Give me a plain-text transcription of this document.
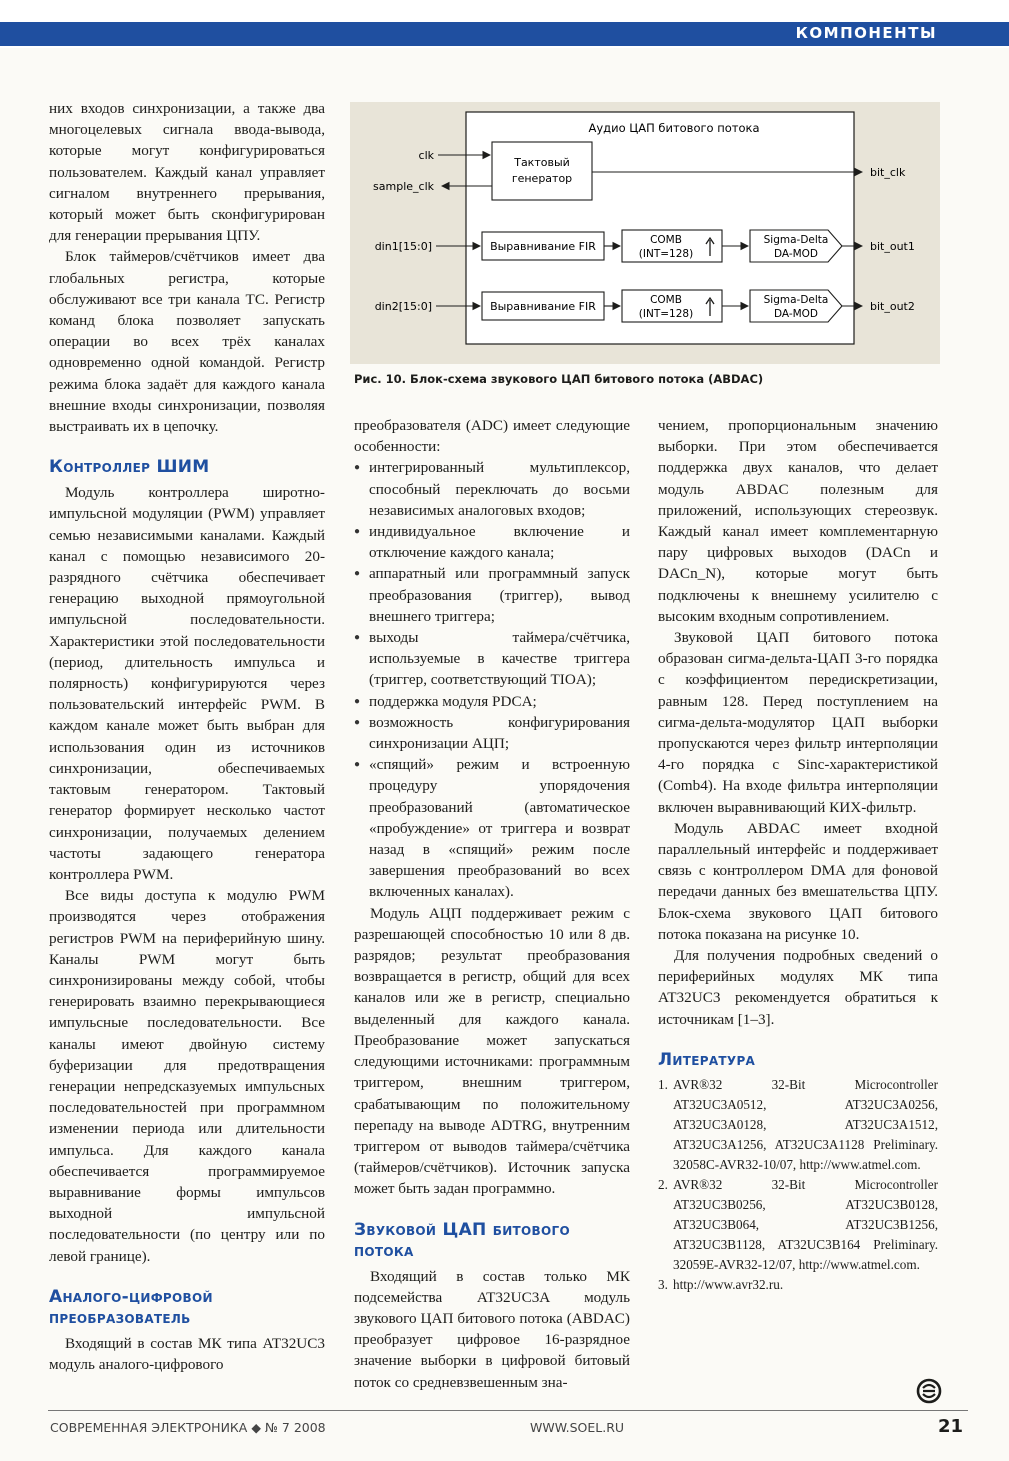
КОМПОНЕНТЫ

них входов синхронизации, а также два многоцелевых сигнала ввода-вывода, которые могут конфигурироваться пользователем. Каждый канал управляет сигналом внутреннего прерывания, который может быть сконфигурирован для генерации прерывания ЦПУ.

Блок таймеров/счётчиков имеет два глобальных регистра, которые обслуживают все три канала TC. Регистр команд блока позволяет запускать операции во всех трёх каналах одновременно одной командой. Регистр режима блока задаёт для каждого канала внешние входы синхронизации, позволяя выстраивать их в цепочку.

Контроллер ШИМ

Модуль контроллера широтно-импульсной модуляции (PWM) управляет семью независимыми каналами. Каждый канал с помощью независимого 20-разрядного счётчика обеспечивает генерацию выходной прямоугольной импульсной последовательности. Характеристики этой последовательности (период, длительность импульса и полярность) конфигурируются через пользовательский интерфейс PWM. В каждом канале может быть выбран для использования один из источников синхронизации, обеспечиваемых тактовым генератором. Тактовый генератор формирует несколько частот синхронизации, получаемых делением частоты задающего генератора контроллера PWM.

Все виды доступа к модулю PWM производятся через отображения регистров PWM на периферийную шину. Каналы PWM могут быть синхронизированы между собой, чтобы генерировать взаимно перекрывающиеся импульсные последовательности. Все каналы имеют двойную систему буферизации для предотвращения генерации непредсказуемых импульсных последовательностей при программном изменении периода или длительности импульса. Для каждого канала обеспечивается программируемое выравнивание формы импульсов выходной импульсной последовательности (по центру или по левой границе).

Аналого-цифровой преобразователь

Входящий в состав МК типа AT32UC3 модуль аналого-цифрового

Аудио ЦАП битового потока
Тактовый
генератор
clk
sample_clk
bit_clk
din1[15:0]	Выравнивание FIR	COMB
(INT=128)
Sigma-Delta
DA-MOD
bit_out1
din2[15:0]	Выравнивание FIR	COMB
(INT=128)
Sigma-Delta
DA-MOD
bit_out2
Рис. 10. Блок-схема звукового ЦАП битового потока (ABDAC)

преобразователя (ADC) имеет следующие особенности:

● интегрированный мультиплексор, способный переключать до восьми независимых аналоговых входов;
● индивидуальное включение и отключение каждого канала;
● аппаратный или программный запуск преобразования (триггер), вывод внешнего триггера;
● выходы таймера/счётчика, используемые в качестве триггера (триггер, соответствующий TIOA);
● поддержка модуля PDCA;
● возможность конфигурирования синхронизации АЦП;
● «спящий» режим и встроенную процедуру упорядочения преобразований (автоматическое «пробуждение» от триггера и возврат назад в «спящий» режим после завершения преобразований во всех включенных каналах).

Модуль АЦП поддерживает режим с разрешающей способностью 10 или 8 дв. разрядов; результат преобразования возвращается в регистр, общий для всех каналов или же в регистр, специально выделенный для каждого канала. Преобразование может запускаться следующими источниками: программным триггером, внешним триггером, срабатывающим по положительному перепаду на выводе ADTRG, внутренним триггером от выводов таймера/счётчика (таймеров/счётчиков). Источник запуска может быть задан программно.

Звуковой ЦАП битового потока

Входящий в состав только МК подсемейства AT32UC3A модуль звукового ЦАП битового потока (ABDAC) преобразует цифровое 16-разрядное значение выборки в цифровой битовый поток со средневзвешенным зна-

чением, пропорциональным значению выборки. При этом обеспечивается поддержка двух каналов, что делает модуль ABDAC полезным для приложений, использующих стереозвук. Каждый канал имеет комплементарную пару цифровых выходов (DACn и DACn_N), которые могут быть подключены к внешнему усилителю с высоким входным сопротивлением.

Звуковой ЦАП битового потока образован сигма-дельта-ЦАП 3-го порядка с коэффициентом передискретизации, равным 128. Перед поступлением на сигма-дельта-модулятор ЦАП выборки пропускаются через фильтр интерполяции 4-го порядка с Sinc-характеристикой (Comb4). На входе фильтра интерполяции включен выравнивающий КИХ-фильтр.

Модуль ABDAC имеет входной параллельный интерфейс и поддерживает связь с контроллером DMA для фоновой передачи данных без вмешательства ЦПУ. Блок-схема звукового ЦАП битового потока показана на рисунке 10.

Для получения подробных сведений о периферийных модулях МК типа AT32UC3 рекомендуется обратиться к источникам [1–3].

Литература
1. AVR®32 32-Bit Microcontroller AT32UC3A0512, AT32UC3A0256, AT32UC3A0128, AT32UC3A1512, AT32UC3A1256, AT32UC3A1128 Preliminary. 32058C-AVR32-10/07, http://www.atmel.com.
2. AVR®32 32-Bit Microcontroller AT32UC3B0256, AT32UC3B0128, AT32UC3B064, AT32UC3B1256, AT32UC3B1128, AT32UC3B164 Preliminary. 32059E-AVR32-12/07, http://www.atmel.com.
3. http://www.avr32.ru.
СОВРЕМЕННАЯ ЭЛЕКТРОНИКА ◆ № 7 2008	WWW.SOEL.RU	21
